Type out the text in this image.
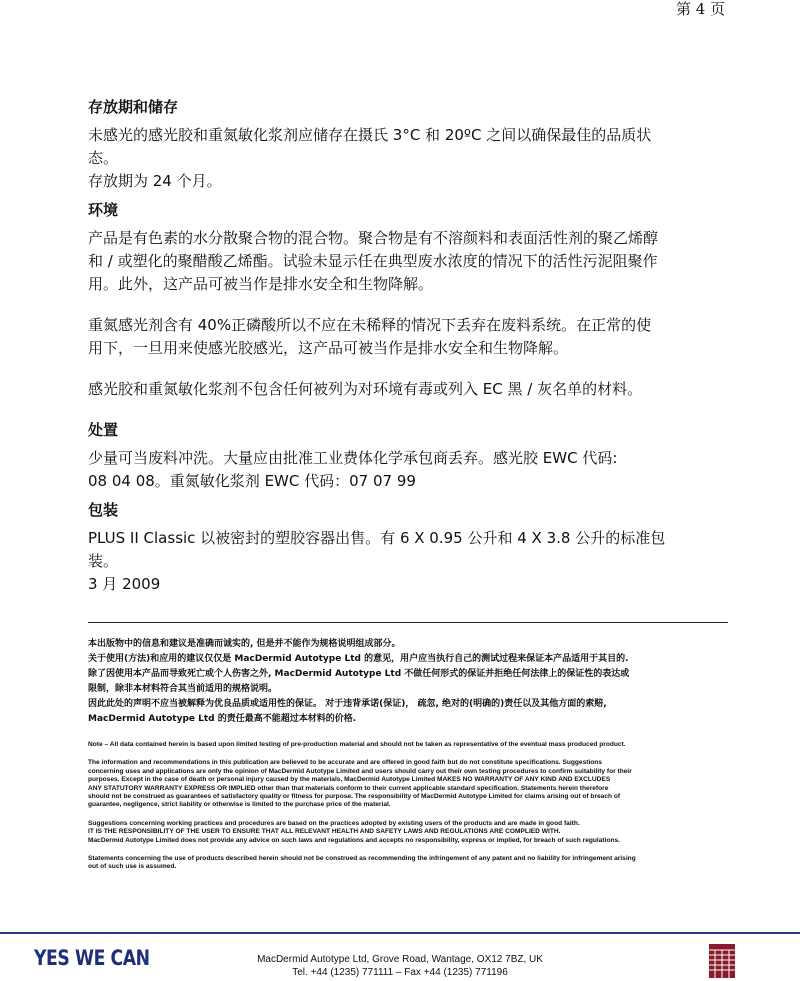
第 4 页
存放期和储存

未感光的感光胶和重氮敏化浆剂应储存在摄氏 3°C 和 20ºC 之间以确保最佳的品质状

态。

存放期为 24 个月。

环境

产品是有色素的水分散聚合物的混合物。聚合物是有不溶颜料和表面活性剂的聚乙烯醇

和 / 或塑化的聚醋酸乙烯酯。试验未显示任在典型废水浓度的情况下的活性污泥阻聚作

用。此外，这产品可被当作是排水安全和生物降解。

重氮感光剂含有 40%正磷酸所以不应在未稀释的情况下丢弃在废料系统。在正常的使

用下，一旦用来使感光胶感光，这产品可被当作是排水安全和生物降解。

感光胶和重氮敏化浆剂不包含任何被列为对环境有毒或列入 EC 黑 / 灰名单的材料。

处置

少量可当废料冲洗。大量应由批准工业费体化学承包商丢弃。感光胶 EWC 代码:

08 04 08。重氮敏化浆剂 EWC 代码：07 07 99

包装

PLUS II Classic 以被密封的塑胶容器出售。有 6 X 0.95 公升和 4 X 3.8 公升的标准包

装。

3 月 2009

本出版物中的信息和建议是准确而诚实的, 但是并不能作为规格说明组成部分。

关于使用(方法)和应用的建议仅仅是 MacDermid Autotype Ltd 的意见，用户应当执行自己的测试过程来保证本产品适用于其目的.

除了因使用本产品而导致死亡或个人伤害之外, MacDermid Autotype Ltd 不做任何形式的保证并拒绝任何法律上的保证性的表达或

限制，除非本材料符合其当前适用的规格说明。

因此此处的声明不应当被解释为优良品质或适用性的保证。 对于违背承诺(保证)， 疏忽, 绝对的(明确的)责任以及其他方面的索赔,

MacDermid Autotype Ltd 的责任最高不能超过本材料的价格.

Note – All data contained herein is based upon limited testing of pre-production material and should not be taken as representative of the eventual mass produced product.

The information and recommendations in this publication are believed to be accurate and are offered in good faith but do not constitute specifications. Suggestions

concerning uses and applications are only the opinion of MacDermid Autotype Limited and users should carry out their own testing procedures to confirm suitability for their

purposes. Except in the case of death or personal injury caused by the materials, MacDermid Autotype Limited MAKES NO WARRANTY OF ANY KIND AND EXCLUDES

ANY STATUTORY WARRANTY EXPRESS OR IMPLIED other than that materials conform to their current applicable standard specification. Statements herein therefore

should not be construed as guarantees of satisfactory quality or fitness for purpose. The responsibility of MacDermid Autotype Limited for claims arising out of breach of

guarantee, negligence, strict liability or otherwise is limited to the purchase price of the material.

Suggestions concerning working practices and procedures are based on the practices adopted by existing users of the products and are made in good faith.

IT IS THE RESPONSIBILITY OF THE USER TO ENSURE THAT ALL RELEVANT HEALTH AND SAFETY LAWS AND REGULATIONS ARE COMPLIED WITH.

MacDermid Autotype Limited does not provide any advice on such laws and regulations and accepts no responsibility, express or implied, for breach of such regulations.

Statements concerning the use of products described herein should not be construed as recommending the infringement of any patent and no liability for infringement arising

out of such use is assumed.

YES WE CAN	MacDermid Autotype Ltd, Grove Road, Wantage, OX12 7BZ, UK
Tel. +44 (1235) 771111 – Fax +44 (1235) 771196
